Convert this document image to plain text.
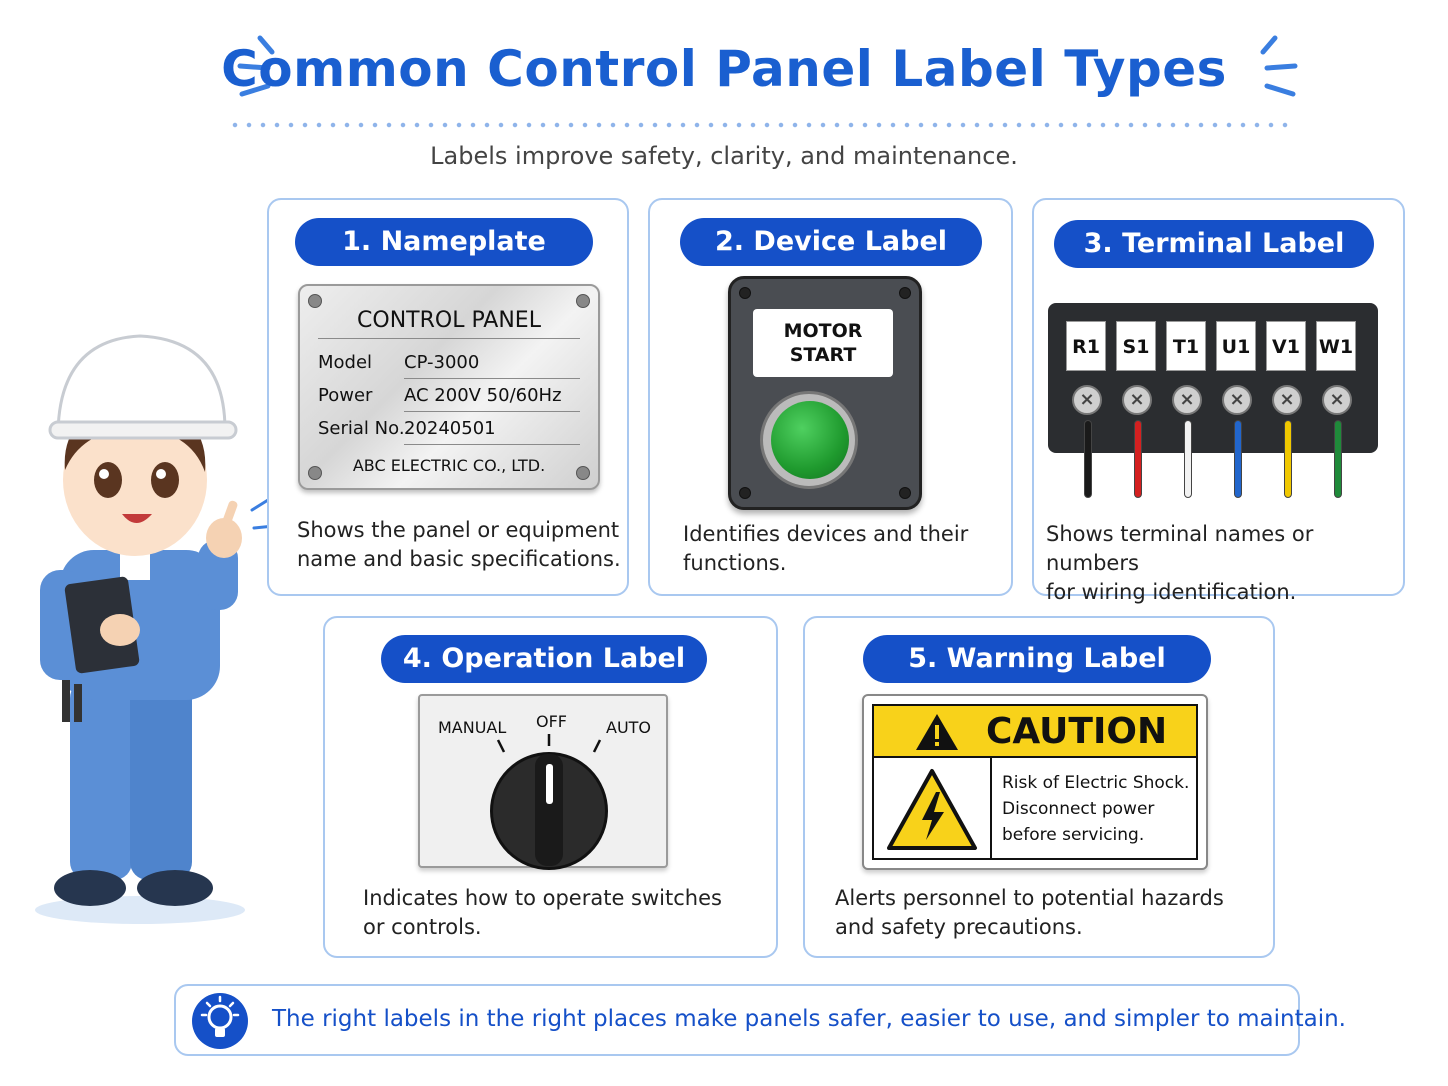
Common Control Panel Label Types
Labels improve safety, clarity, and maintenance.
1. Nameplate
Shows the panel or equipment
name and basic specifications.
CONTROL PANEL
Model CP-3000
Power AC 200V 50/60Hz
Serial No. 20240501
ABC ELECTRIC CO., LTD.
2. Device Label
Identifies devices and their
functions.
MOTOR
START
3. Terminal Label
Shows terminal names or numbers
for wiring identification.
R1	S1	T1	U1	V1 W1
×	×	×	×	×	×
4. Operation Label
Indicates how to operate switches
or controls.
MANUAL OFF AUTO
5. Warning Label
Alerts personnel to potential hazards
and safety precautions.
CAUTION
Risk of Electric Shock.
Disconnect power
before servicing.
The right labels in the right places make panels safer, easier to use, and simpler to maintain.
